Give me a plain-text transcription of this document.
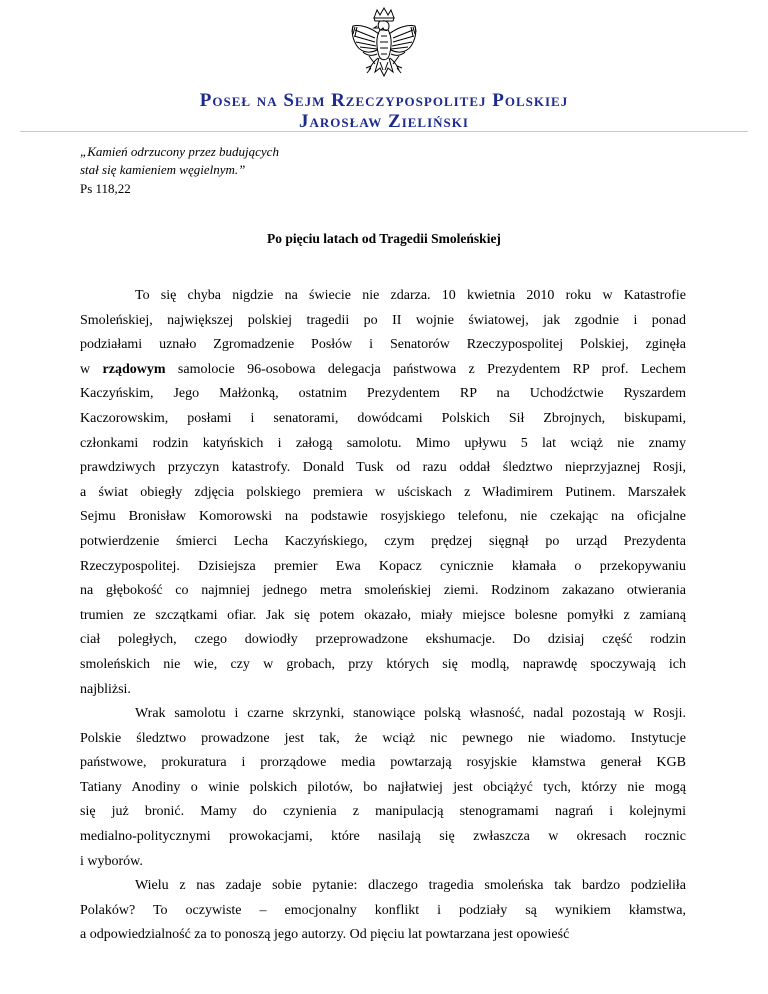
Poseł na Sejm Rzeczypospolitej Polskiej
Jarosław Zieliński
„Kamień odrzucony przez budujących
stał się kamieniem węgielnym.”
Ps 118,22
Po pięciu latach od Tragedii Smoleńskiej
To się chyba nigdzie na świecie nie zdarza. 10 kwietnia 2010 roku w Katastrofie
Smoleńskiej, największej polskiej tragedii po II wojnie światowej, jak zgodnie i ponad
podziałami uznało Zgromadzenie Posłów i Senatorów Rzeczypospolitej Polskiej, zginęła
w rządowym samolocie 96-osobowa delegacja państwowa z Prezydentem RP prof. Lechem
Kaczyńskim, Jego Małżonką, ostatnim Prezydentem RP na Uchodźctwie Ryszardem
Kaczorowskim, posłami i senatorami, dowódcami Polskich Sił Zbrojnych, biskupami,
członkami rodzin katyńskich i załogą samolotu. Mimo upływu 5 lat wciąż nie znamy
prawdziwych przyczyn katastrofy. Donald Tusk od razu oddał śledztwo nieprzyjaznej Rosji,
a świat obiegły zdjęcia polskiego premiera w uściskach z Władimirem Putinem. Marszałek
Sejmu Bronisław Komorowski na podstawie rosyjskiego telefonu, nie czekając na oficjalne
potwierdzenie śmierci Lecha Kaczyńskiego, czym prędzej sięgnął po urząd Prezydenta
Rzeczypospolitej. Dzisiejsza premier Ewa Kopacz cynicznie kłamała o przekopywaniu
na głębokość co najmniej jednego metra smoleńskiej ziemi. Rodzinom zakazano otwierania
trumien ze szczątkami ofiar. Jak się potem okazało, miały miejsce bolesne pomyłki z zamianą
ciał poległych, czego dowiodły przeprowadzone ekshumacje. Do dzisiaj część rodzin
smoleńskich nie wie, czy w grobach, przy których się modlą, naprawdę spoczywają ich
najbliżsi.
Wrak samolotu i czarne skrzynki, stanowiące polską własność, nadal pozostają w Rosji.
Polskie śledztwo prowadzone jest tak, że wciąż nic pewnego nie wiadomo. Instytucje
państwowe, prokuratura i prorządowe media powtarzają rosyjskie kłamstwa generał KGB
Tatiany Anodiny o winie polskich pilotów, bo najłatwiej jest obciążyć tych, którzy nie mogą
się już bronić. Mamy do czynienia z manipulacją stenogramami nagrań i kolejnymi
medialno-politycznymi prowokacjami, które nasilają się zwłaszcza w okresach rocznic
i wyborów.
Wielu z nas zadaje sobie pytanie: dlaczego tragedia smoleńska tak bardzo podzieliła
Polaków? To oczywiste – emocjonalny konflikt i podziały są wynikiem kłamstwa,
a odpowiedzialność za to ponoszą jego autorzy. Od pięciu lat powtarzana jest opowieść
